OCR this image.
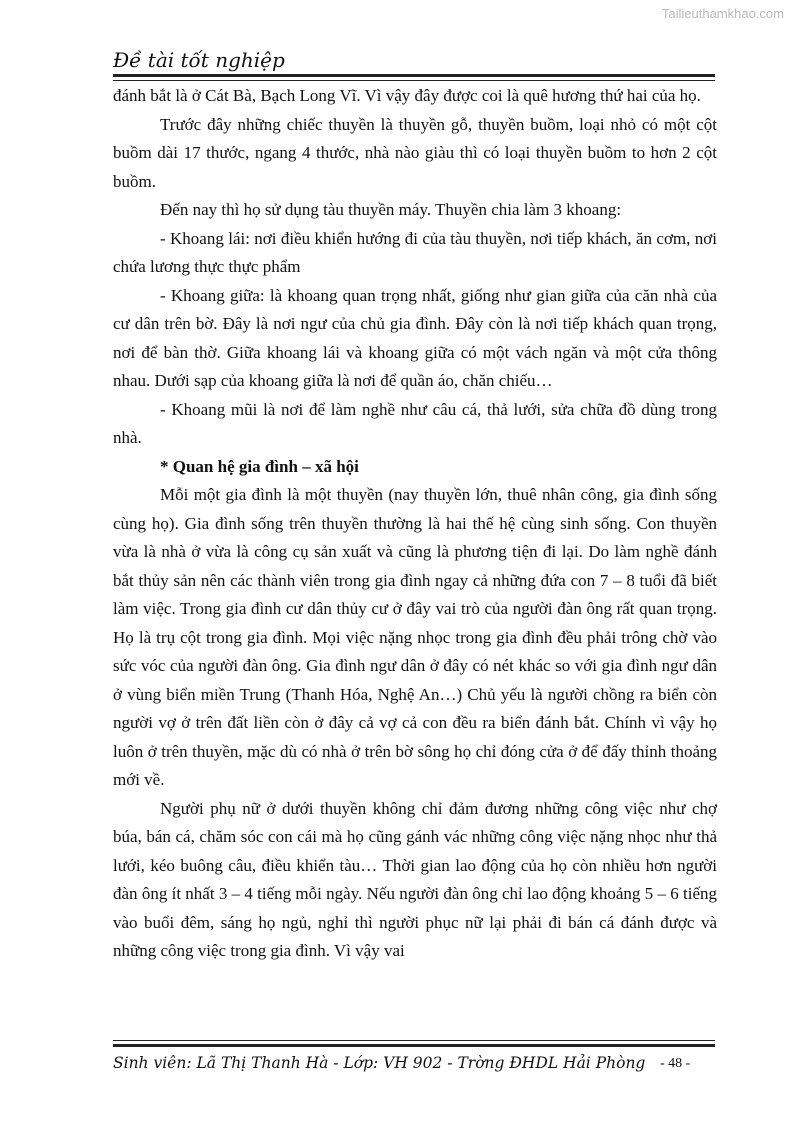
Tailieuthamkhao.com
Đề tài tốt nghiệp

đánh bắt là ở Cát Bà, Bạch Long Vĩ. Vì vậy đây được coi là quê hương thứ hai của họ.

Trước đây những chiếc thuyền là thuyền gỗ, thuyền buồm, loại nhỏ có một cột buồm dài 17 thước, ngang 4 thước, nhà nào giàu thì có loại thuyền buồm to hơn 2 cột buồm.

Đến nay thì họ sử dụng tàu thuyền máy. Thuyền chia làm 3 khoang:

- Khoang lái: nơi điều khiển hướng đi của tàu thuyền, nơi tiếp khách, ăn cơm, nơi chứa lương thực thực phẩm

- Khoang giữa: là khoang quan trọng nhất, giống như gian giữa của căn nhà của cư dân trên bờ. Đây là nơi ngư của chủ gia đình. Đây còn là nơi tiếp khách quan trọng, nơi để bàn thờ. Giữa khoang lái và khoang giữa có một vách ngăn và một cửa thông nhau. Dưới sạp của khoang giữa là nơi để quần áo, chăn chiếu…

- Khoang mũi là nơi để làm nghề như câu cá, thả lưới, sửa chữa đồ dùng trong nhà.

* Quan hệ gia đình – xã hội

Mỗi một gia đình là một thuyền (nay thuyền lớn, thuê nhân công, gia đình sống cùng họ). Gia đình sống trên thuyền thường là hai thế hệ cùng sinh sống. Con thuyền vừa là nhà ở vừa là công cụ sản xuất và cũng là phương tiện đi lại. Do làm nghề đánh bắt thủy sản nên các thành viên trong gia đình ngay cả những đứa con 7 – 8 tuổi đã biết làm việc. Trong gia đình cư dân thủy cư ở đây vai trò của người đàn ông rất quan trọng. Họ là trụ cột trong gia đình. Mọi việc nặng nhọc trong gia đình đều phải trông chờ vào sức vóc của người đàn ông. Gia đình ngư dân ở đây có nét khác so với gia đình ngư dân ở vùng biển miền Trung (Thanh Hóa, Nghệ An…) Chủ yếu là người chồng ra biển còn người vợ ở trên đất liền còn ở đây cả vợ cả con đều ra biển đánh bắt. Chính vì vậy họ luôn ở trên thuyền, mặc dù có nhà ở trên bờ sông họ chỉ đóng cửa ở để đấy thỉnh thoảng mới về.

Người phụ nữ ở dưới thuyền không chỉ đảm đương những công việc như chợ búa, bán cá, chăm sóc con cái mà họ cũng gánh vác những công việc nặng nhọc như thả lưới, kéo buông câu, điều khiển tàu… Thời gian lao động của họ còn nhiều hơn người đàn ông ít nhất 3 – 4 tiếng mỗi ngày. Nếu người đàn ông chỉ lao động khoảng 5 – 6 tiếng vào buổi đêm, sáng họ ngủ, nghỉ thì người phục nữ lại phải đi bán cá đánh được và những công việc trong gia đình. Vì vậy vai

Sinh viên: Lã Thị Thanh Hà - Lớp: VH 902 - Trờng ĐHDL Hải Phòng - 48 -
